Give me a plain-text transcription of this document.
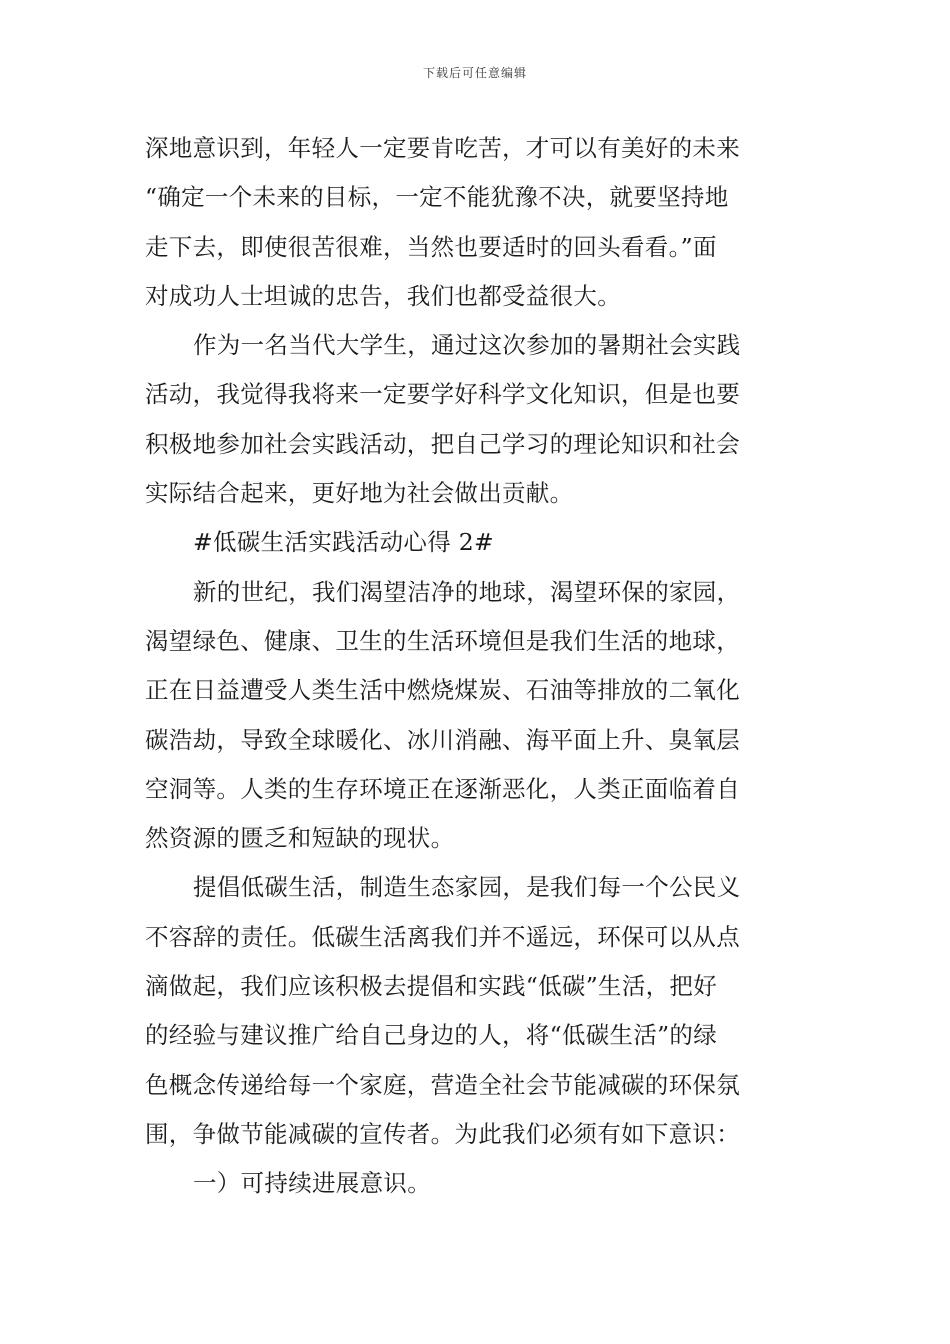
下载后可任意编辑
深地意识到，年轻人一定要肯吃苦，才可以有美好的未来
“确定一个未来的目标，一定不能犹豫不决，就要坚持地
走下去，即使很苦很难，当然也要适时的回头看看。”面
对成功人士坦诚的忠告，我们也都受益很大。
作为一名当代大学生，通过这次参加的暑期社会实践
活动，我觉得我将来一定要学好科学文化知识，但是也要
积极地参加社会实践活动，把自己学习的理论知识和社会
实际结合起来，更好地为社会做出贡献。
#低碳生活实践活动心得 2#
新的世纪，我们渴望洁净的地球，渴望环保的家园，
渴望绿色、健康、卫生的生活环境但是我们生活的地球，
正在日益遭受人类生活中燃烧煤炭、石油等排放的二氧化
碳浩劫，导致全球暖化、冰川消融、海平面上升、臭氧层
空洞等。人类的生存环境正在逐渐恶化，人类正面临着自
然资源的匮乏和短缺的现状。
提倡低碳生活，制造生态家园，是我们每一个公民义
不容辞的责任。低碳生活离我们并不遥远，环保可以从点
滴做起，我们应该积极去提倡和实践“低碳”生活，把好
的经验与建议推广给自己身边的人，将“低碳生活”的绿
色概念传递给每一个家庭，营造全社会节能减碳的环保氛
围，争做节能减碳的宣传者。为此我们必须有如下意识：
一）可持续进展意识。
